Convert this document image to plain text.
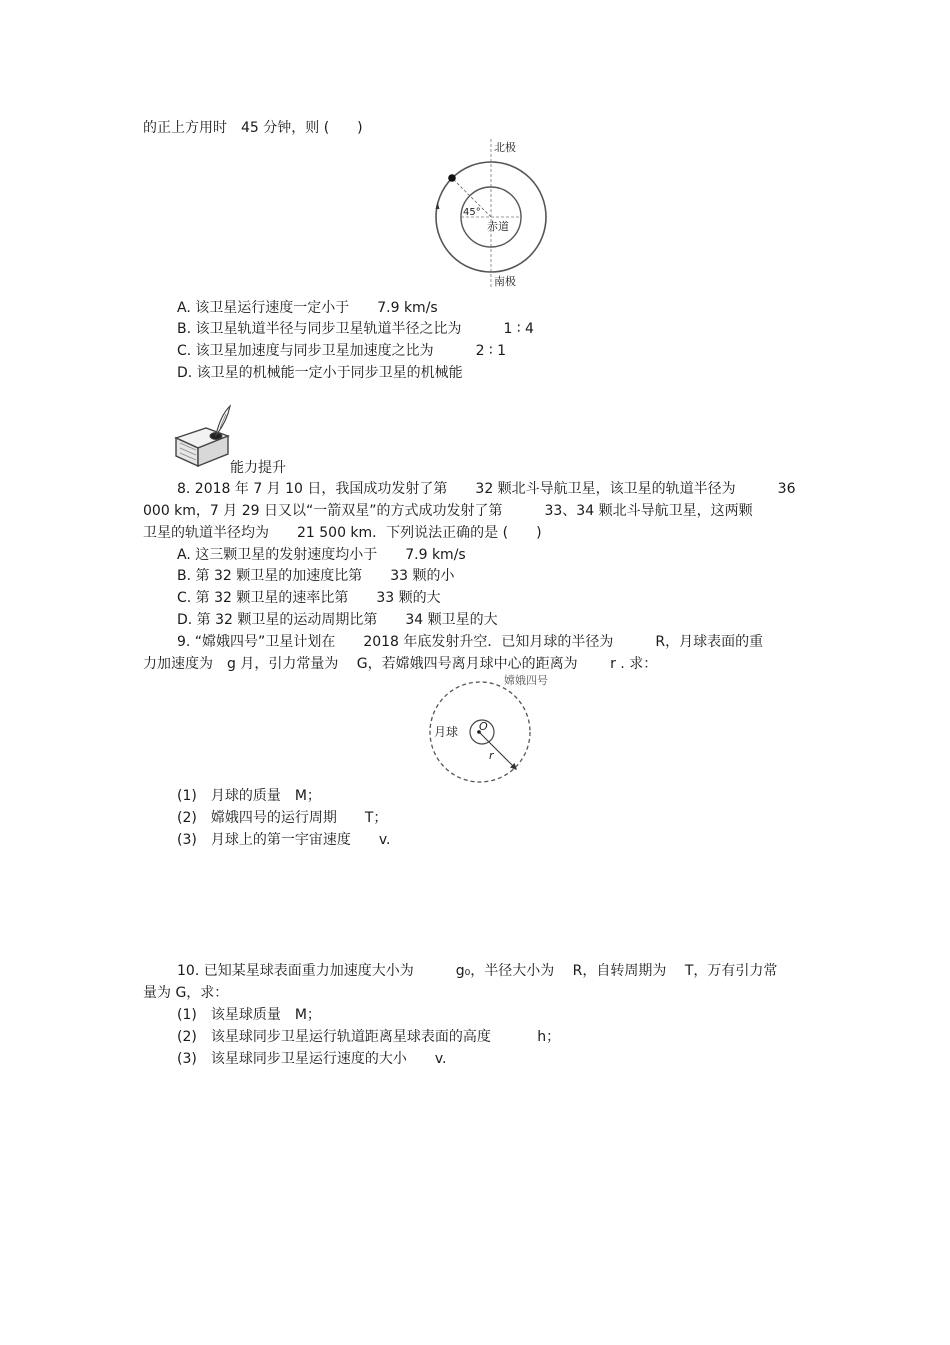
的正上方用时　45 分钟，则 (　　)
北极
南极
赤道
45°
A. 该卫星运行速度一定小于　　7.9 km/s
B. 该卫星轨道半径与同步卫星轨道半径之比为　　　1 ∶ 4
C. 该卫星加速度与同步卫星加速度之比为　　　2 ∶ 1
D. 该卫星的机械能一定小于同步卫星的机械能
能力提升
8. 2018 年 7 月 10 日，我国成功发射了第　　32 颗北斗导航卫星，该卫星的轨道半径为　　　36
000 km，7 月 29 日又以“一箭双星”的方式成功发射了第　　　33、34 颗北斗导航卫星，这两颗
卫星的轨道半径均为　　21 500 km．下列说法正确的是 (　　)
A. 这三颗卫星的发射速度均小于　　7.9 km/s
B. 第 32 颗卫星的加速度比第　　33 颗的小
C. 第 32 颗卫星的速率比第　　33 颗的大
D. 第 32 颗卫星的运动周期比第　　34 颗卫星的大
9. “嫦娥四号”卫星计划在　　2018 年底发射升空．已知月球的半径为　　　R，月球表面的重
力加速度为　g 月，引力常量为　 G，若嫦娥四号离月球中心的距离为　　 r . 求：
嫦娥四号
月球 O
r
(1)　月球的质量　M；
(2)　嫦娥四号的运行周期　　T；
(3)　月球上的第一宇宙速度　　v.
10. 已知某星球表面重力加速度大小为　　　g₀，半径大小为　 R，自转周期为　 T，万有引力常
量为 G，求：
(1)　该星球质量　M；
(2)　该星球同步卫星运行轨道距离星球表面的高度　　　 h；
(3)　该星球同步卫星运行速度的大小　　v.
